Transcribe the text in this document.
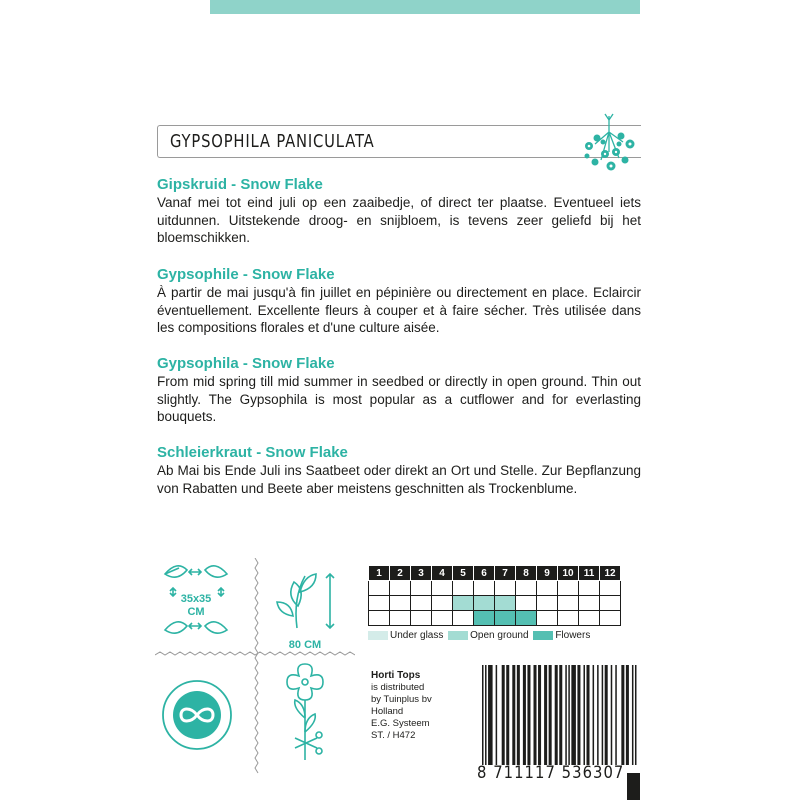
GYPSOPHILA PANICULATA
Gipskruid - Snow Flake
Vanaf mei tot eind juli op een zaaibedje, of direct ter plaatse. Eventueel iets uitdunnen. Uitstekende droog- en snijbloem, is tevens zeer geliefd bij het bloemschikken.
Gypsophile - Snow Flake
À partir de mai jusqu'à fin juillet en pépinière ou directement en place. Eclaircir éventuellement. Excellente fleurs à couper et à faire sécher. Très utilisée dans les compositions florales et d'une culture aisée.
Gypsophila - Snow Flake
From mid spring till mid summer in seedbed or directly in open ground. Thin out slightly. The Gypsophila is most popular as a cutflower and for everlasting bouquets.
Schleierkraut - Snow Flake
Ab Mai bis Ende Juli ins Saatbeet oder direkt an Ort und Stelle. Zur Bepflanzung von Rabatten und Beete aber meistens geschnitten als Trockenblume.
35x35
CM
80 CM
1	2	3	4	5	6	7	8	9	10	11	12

Under glass	Open ground	Flowers
Horti Tops
is distributed
by Tuinplus bv
Holland
E.G. Systeem
ST. / H472
8 711117 536307
